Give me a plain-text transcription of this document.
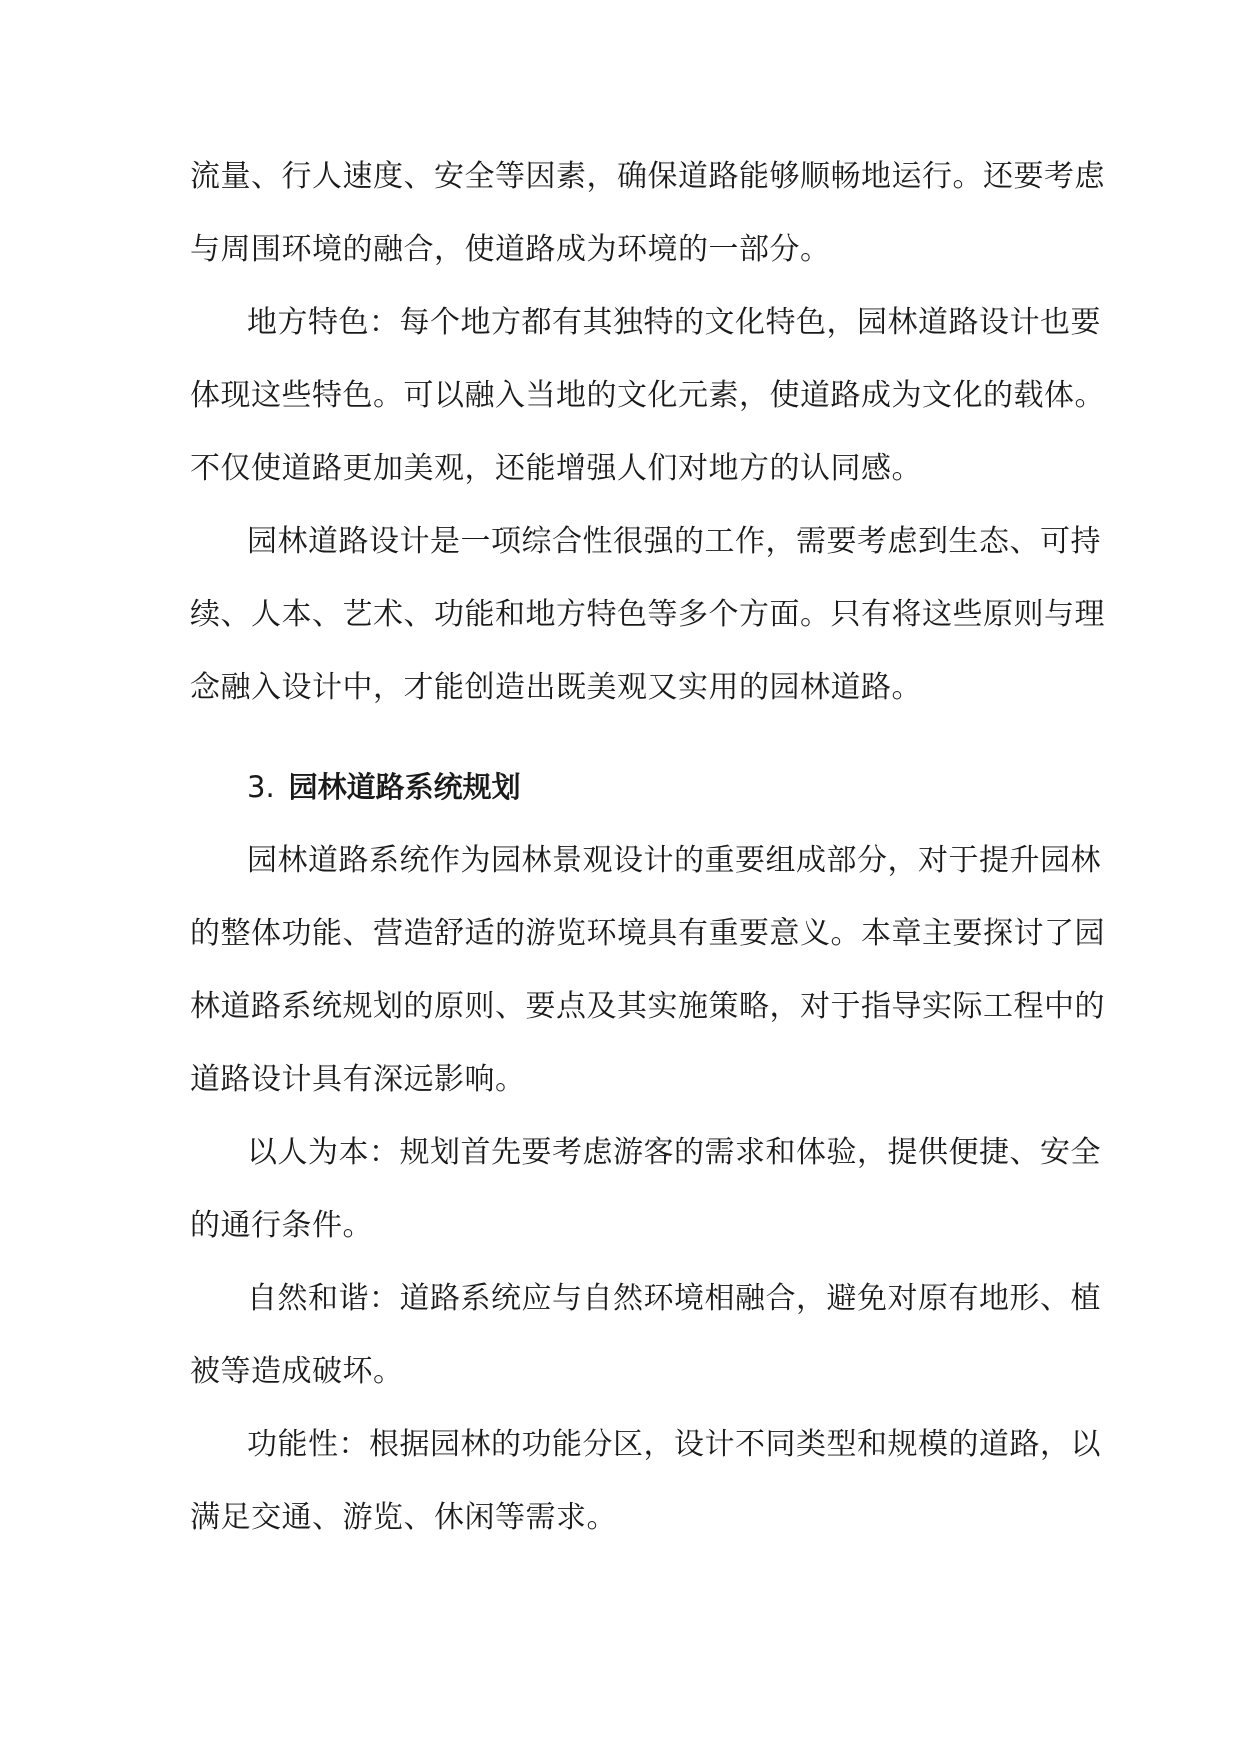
流量、行人速度、安全等因素，确保道路能够顺畅地运行。还要考虑
与周围环境的融合，使道路成为环境的一部分。
地方特色：每个地方都有其独特的文化特色，园林道路设计也要
体现这些特色。可以融入当地的文化元素，使道路成为文化的载体。
不仅使道路更加美观，还能增强人们对地方的认同感。
园林道路设计是一项综合性很强的工作，需要考虑到生态、可持
续、人本、艺术、功能和地方特色等多个方面。只有将这些原则与理
念融入设计中，才能创造出既美观又实用的园林道路。
3. 园林道路系统规划
园林道路系统作为园林景观设计的重要组成部分，对于提升园林
的整体功能、营造舒适的游览环境具有重要意义。本章主要探讨了园
林道路系统规划的原则、要点及其实施策略，对于指导实际工程中的
道路设计具有深远影响。
以人为本：规划首先要考虑游客的需求和体验，提供便捷、安全
的通行条件。
自然和谐：道路系统应与自然环境相融合，避免对原有地形、植
被等造成破坏。
功能性：根据园林的功能分区，设计不同类型和规模的道路，以
满足交通、游览、休闲等需求。
